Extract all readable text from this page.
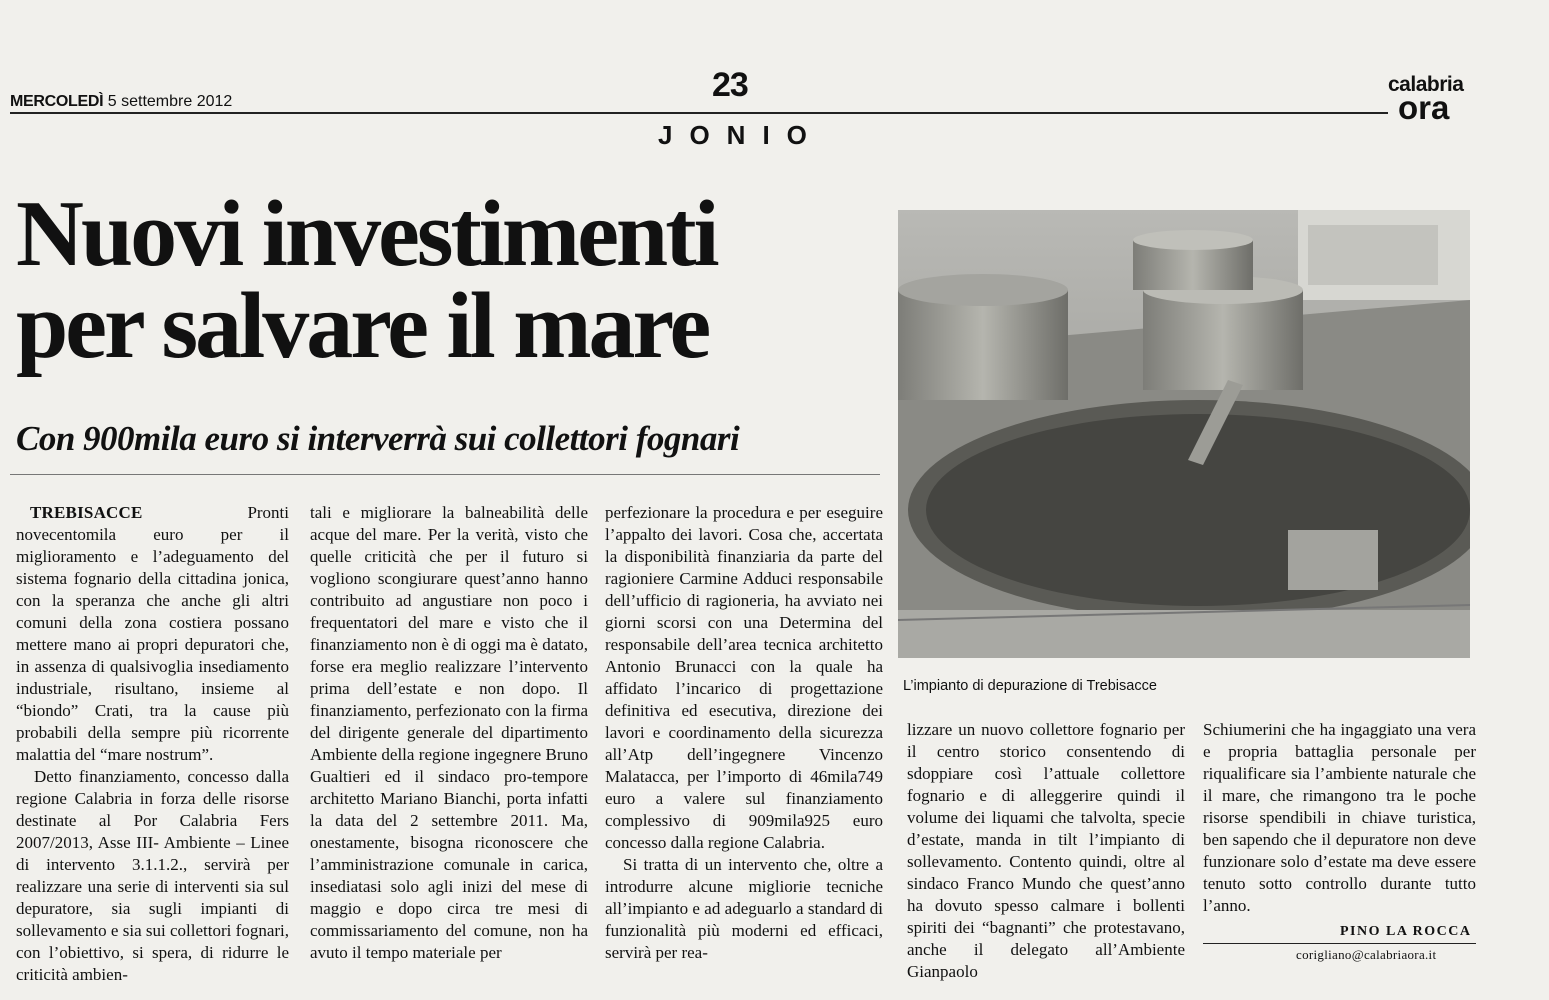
MERCOLEDÌ 5 settembre 2012	23
JONIO
calabria
ora
Nuovi investimenti
per salvare il mare
Con 900mila euro si interverrà sui collettori fognari
L’impianto di depurazione di Trebisacce

TREBISACCE	Pronti novecentomila euro per il miglioramento e l’adeguamento del sistema fognario della cittadina jonica, con la speranza che anche gli altri comuni della zona costiera possano mettere mano ai propri depuratori che, in assenza di qualsivoglia insediamento industriale, risultano, insieme al “biondo” Crati, tra la cause più probabili della sempre più ricorrente malattia del “mare nostrum”.

Detto finanziamento, concesso dalla regione Calabria in forza delle risorse destinate al Por Calabria Fers 2007/2013, Asse III- Ambiente – Linee di intervento 3.1.1.2., servirà per realizzare una serie di interventi sia sul depuratore, sia sugli impianti di sollevamento e sia sui collettori fognari, con l’obiettivo, si spera, di ridurre le criticità ambien-

tali e migliorare la balneabilità delle acque del mare. Per la verità, visto che quelle criticità che per il futuro si vogliono scongiurare quest’anno hanno contribuito ad angustiare non poco i frequentatori del mare e visto che il finanziamento non è di oggi ma è datato, forse era meglio realizzare l’intervento prima dell’estate e non dopo. Il finanziamento, perfezionato con la firma del dirigente generale del dipartimento Ambiente della regione ingegnere Bruno Gualtieri ed il sindaco pro-tempore architetto Mariano Bianchi, porta infatti la data del 2 settembre 2011. Ma, onestamente, bisogna riconoscere che l’amministrazione comunale in carica, insediatasi solo agli inizi del mese di maggio e dopo circa tre mesi di commissariamento del comune, non ha avuto il tempo materiale per

perfezionare la procedura e per eseguire l’appalto dei lavori. Cosa che, accertata la disponibilità finanziaria da parte del ragioniere Carmine Adduci responsabile dell’ufficio di ragioneria, ha avviato nei giorni scorsi con una Determina del responsabile dell’area tecnica architetto Antonio Brunacci con la quale ha affidato l’incarico di progettazione definitiva ed esecutiva, direzione dei lavori e coordinamento della sicurezza all’Atp dell’ingegnere Vincenzo Malatacca, per l’importo di 46mila749 euro a valere sul finanziamento complessivo di 909mila925 euro concesso dalla regione Calabria.

Si tratta di un intervento che, oltre a introdurre alcune migliorie tecniche all’impianto e ad adeguarlo a standard di funzionalità più moderni ed efficaci, servirà per rea-

lizzare un nuovo collettore fognario per il centro storico consentendo di sdoppiare così l’attuale collettore fognario e di alleggerire quindi il volume dei liquami che talvolta, specie d’estate, manda in tilt l’impianto di sollevamento. Contento quindi, oltre al sindaco Franco Mundo che quest’anno ha dovuto spesso calmare i bollenti spiriti dei “bagnanti” che protestavano, anche il delegato all’Ambiente Gianpaolo

Schiumerini che ha ingaggiato una vera e propria battaglia personale per riqualificare sia l’ambiente naturale che il mare, che rimangono tra le poche risorse spendibili in chiave turistica, ben sapendo che il depuratore non deve funzionare solo d’estate ma deve essere tenuto sotto controllo durante tutto l’anno.

PINO LA ROCCA
corigliano@calabriaora.it
